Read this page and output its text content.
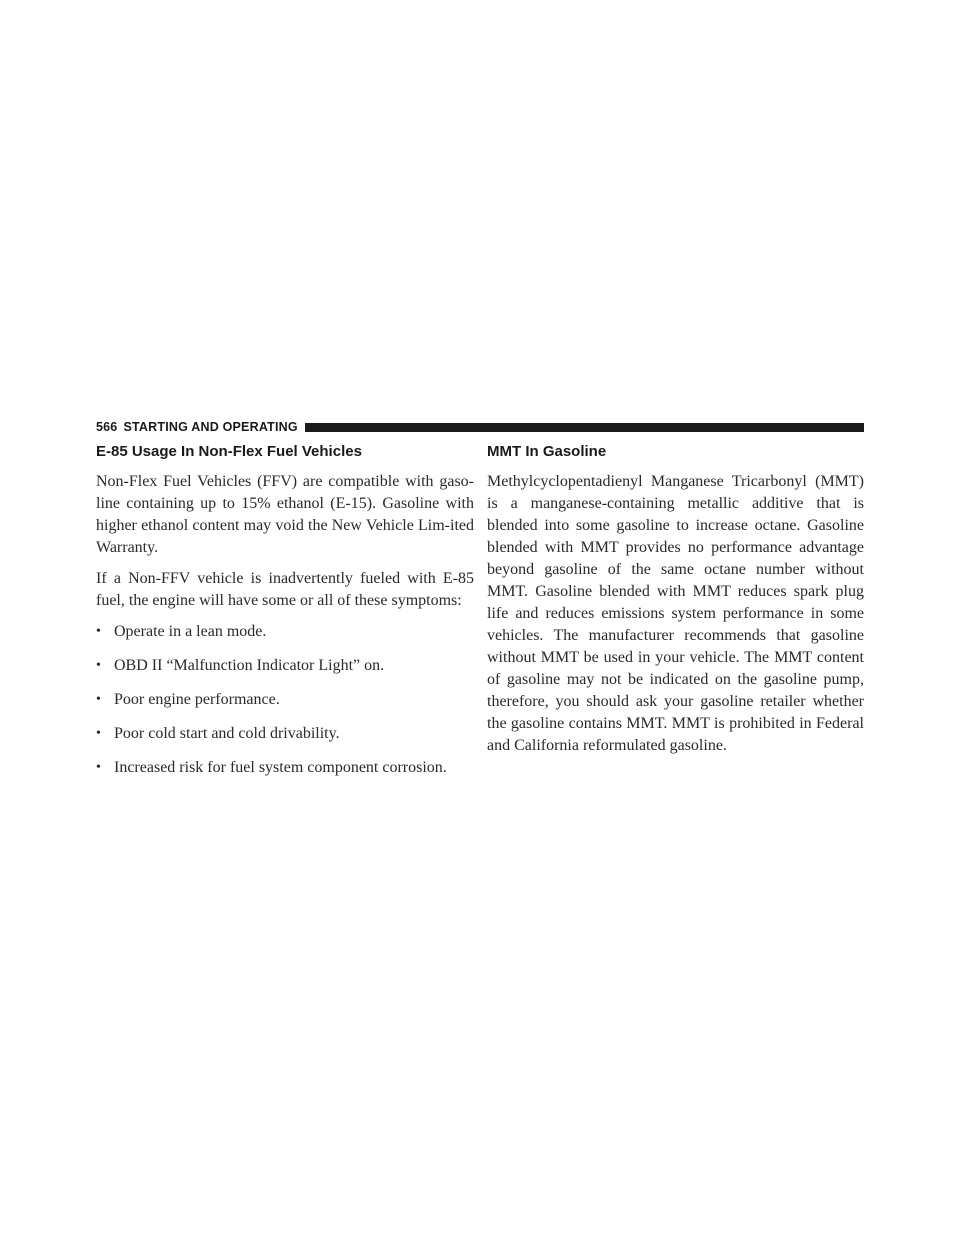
566 STARTING AND OPERATING
E-85 Usage In Non-Flex Fuel Vehicles

Non-Flex Fuel Vehicles (FFV) are compatible with gaso-line containing up to 15% ethanol (E-15). Gasoline with higher ethanol content may void the New Vehicle Lim-ited Warranty.

If a Non-FFV vehicle is inadvertently fueled with E-85 fuel, the engine will have some or all of these symptoms:

• Operate in a lean mode.
• OBD II “Malfunction Indicator Light” on.
• Poor engine performance.
• Poor cold start and cold drivability.
• Increased risk for fuel system component corrosion.
MMT In Gasoline

Methylcyclopentadienyl Manganese Tricarbonyl (MMT) is a manganese-containing metallic additive that is blended into some gasoline to increase octane. Gasoline blended with MMT provides no performance advantage beyond gasoline of the same octane number without MMT. Gasoline blended with MMT reduces spark plug life and reduces emissions system performance in some vehicles. The manufacturer recommends that gasoline without MMT be used in your vehicle. The MMT content of gasoline may not be indicated on the gasoline pump, therefore, you should ask your gasoline retailer whether the gasoline contains MMT. MMT is prohibited in Federal and California reformulated gasoline.
